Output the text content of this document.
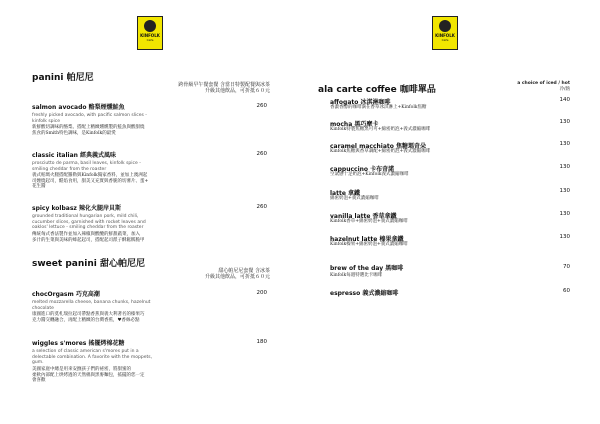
KINFOLK
Cafe
panini 帕尼尼
跨骨級早午餐套餐 含當日特製配餐與冰茶
升級其他飲品，可折抵６０元
salmon avocado 酪梨煙燻鮭魚	260
freshly picked avocado, with pacific salmon slices -
kinfolk spice
新鮮酸切調味的酪梨、搭配上精緻燻燻製的鮭魚與酸甜燒
焦食的Smith特色調味，是Kinfolk的最愛
classic italian 經典義式風味	260
prosciutto de parma, basil leaves, kinfolk spice -
smiling cheddar from the roaster
義式帕瑪火腿搭配羅勒與Kinfolk獨家香料，並加上澳洲起
司煙燒起司，酷焰食用，甜美又充實與香脆的切薯片、蛋+
花生醬
spicy kolbasz 辣化火腿岸貝斯	260
grounded traditional hungarian pork, mild chili,
cucumber slices, garnished with rocket leaves and
oaklos' lettuce - smiling cheddar from the roaster
傳統匈式香法製作並加入辣椒與酸醃的鮮甜蔬菜，加入
多汁的生菜與美味的蜂起起司，搭配起司派子酥鬆糯脆甲
sweet panini 甜心帕尼尼
甜心帕尼尼套餐 含冰茶
升級其他飲品，可折抵６０元
chocOrgasm 巧克高潮	200
melted mozzarella cheese, banana chunks, hazelnut
chocolate
康國進口的莫札瑞拉起司帶點香蕉與義大利著名的榛果巧
克力醬交纏融合，再配上精緻的台灣香蕉，♥香絲必點
wiggles s'mores 搖擺烤棉花糖	180
a selection of classic american s'mores put in a
delectable combination. A favorite with the moppets,
gum.
美國家庭中總是用來安撫孩子們的祕密，將甜蜜的
柔軟內部配上烘烤過的天然棉與黑麥麵包，搖擺的您一定
會喜歡
KINFOLK
Cafe
ala carte coffee 咖啡單品
a choice of iced / hot
冷/熱
affogato 冰淇淋咖啡	140
香濃香醇的咖啡滴在香草冰淇淋上+Kinfolk焦糖
mocha 黑巧摩卡	130
Kinfolk特製焦糖黑可可+綿密奶泡+義式濃縮咖啡
caramel macchiato 焦糖瑪奇朵	130
Kinfolk焦糖與香草調配+綿密奶泡+義式濃縮咖啡
cappuccino 卡布奇諾	130
空氣感十足奶泡+Kinfolk義式濃縮咖啡
latte 拿鐵	130
綿密奶泡+義式濃縮咖啡
vanilla latte 香草拿鐵	130
Kinfolk香草+綿密奶泡+義式濃縮咖啡
hazelnut latte 榛果拿鐵	130
Kinfolk榛果+綿密奶泡+義式濃縮咖啡
brew of the day 黑咖啡	70
Kinfolk每週特選比卡咖啡
espresso 義式濃縮咖啡	60
